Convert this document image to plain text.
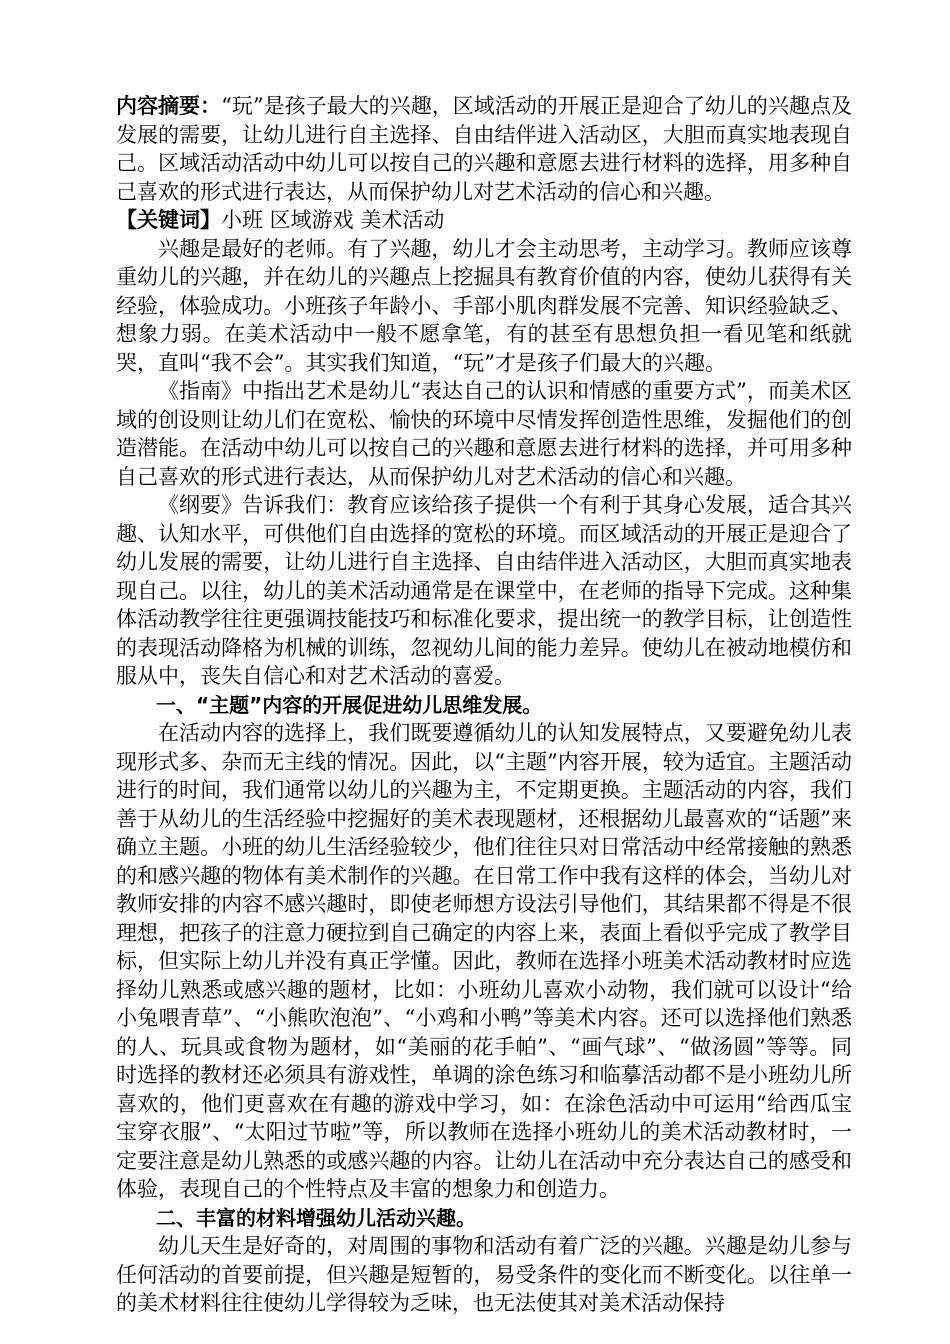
内容摘要：“玩”是孩子最大的兴趣，区域活动的开展正是迎合了幼儿的兴趣点及发展的需要，让幼儿进行自主选择、自由结伴进入活动区，大胆而真实地表现自己。区域活动活动中幼儿可以按自己的兴趣和意愿去进行材料的选择，用多种自己喜欢的形式进行表达，从而保护幼儿对艺术活动的信心和兴趣。

【关键词】小班 区域游戏 美术活动

兴趣是最好的老师。有了兴趣，幼儿才会主动思考，主动学习。教师应该尊重幼儿的兴趣，并在幼儿的兴趣点上挖掘具有教育价值的内容，使幼儿获得有关经验，体验成功。小班孩子年龄小、手部小肌肉群发展不完善、知识经验缺乏、想象力弱。在美术活动中一般不愿拿笔，有的甚至有思想负担一看见笔和纸就哭，直叫“我不会”。其实我们知道，“玩”才是孩子们最大的兴趣。

《指南》中指出艺术是幼儿“表达自己的认识和情感的重要方式”，而美术区域的创设则让幼儿们在宽松、愉快的环境中尽情发挥创造性思维，发掘他们的创造潜能。在活动中幼儿可以按自己的兴趣和意愿去进行材料的选择，并可用多种自己喜欢的形式进行表达，从而保护幼儿对艺术活动的信心和兴趣。

《纲要》告诉我们：教育应该给孩子提供一个有利于其身心发展，适合其兴趣、认知水平，可供他们自由选择的宽松的环境。而区域活动的开展正是迎合了幼儿发展的需要，让幼儿进行自主选择、自由结伴进入活动区，大胆而真实地表现自己。以往，幼儿的美术活动通常是在课堂中，在老师的指导下完成。这种集体活动教学往往更强调技能技巧和标准化要求，提出统一的教学目标，让创造性的表现活动降格为机械的训练，忽视幼儿间的能力差异。使幼儿在被动地模仿和服从中，丧失自信心和对艺术活动的喜爱。

一、“主题”内容的开展促进幼儿思维发展。

在活动内容的选择上，我们既要遵循幼儿的认知发展特点，又要避免幼儿表现形式多、杂而无主线的情况。因此，以“主题”内容开展，较为适宜。主题活动进行的时间，我们通常以幼儿的兴趣为主，不定期更换。主题活动的内容，我们善于从幼儿的生活经验中挖掘好的美术表现题材，还根据幼儿最喜欢的“话题”来确立主题。小班的幼儿生活经验较少，他们往往只对日常活动中经常接触的熟悉的和感兴趣的物体有美术制作的兴趣。在日常工作中我有这样的体会，当幼儿对教师安排的内容不感兴趣时，即使老师想方设法引导他们，其结果都不得是不很理想，把孩子的注意力硬拉到自己确定的内容上来，表面上看似乎完成了教学目标，但实际上幼儿并没有真正学懂。因此，教师在选择小班美术活动教材时应选择幼儿熟悉或感兴趣的题材，比如：小班幼儿喜欢小动物，我们就可以设计“给小兔喂青草”、“小熊吹泡泡”、“小鸡和小鸭”等美术内容。还可以选择他们熟悉的人、玩具或食物为题材，如“美丽的花手帕”、“画气球”、“做汤圆”等等。同时选择的教材还必须具有游戏性，单调的涂色练习和临摹活动都不是小班幼儿所喜欢的，他们更喜欢在有趣的游戏中学习，如：在涂色活动中可运用“给西瓜宝宝穿衣服”、“太阳过节啦”等，所以教师在选择小班幼儿的美术活动教材时，一定要注意是幼儿熟悉的或感兴趣的内容。让幼儿在活动中充分表达自己的感受和体验，表现自己的个性特点及丰富的想象力和创造力。

二、丰富的材料增强幼儿活动兴趣。

幼儿天生是好奇的，对周围的事物和活动有着广泛的兴趣。兴趣是幼儿参与任何活动的首要前提，但兴趣是短暂的，易受条件的变化而不断变化。以往单一的美术材料往往使幼儿学得较为乏味，也无法使其对美术活动保持
